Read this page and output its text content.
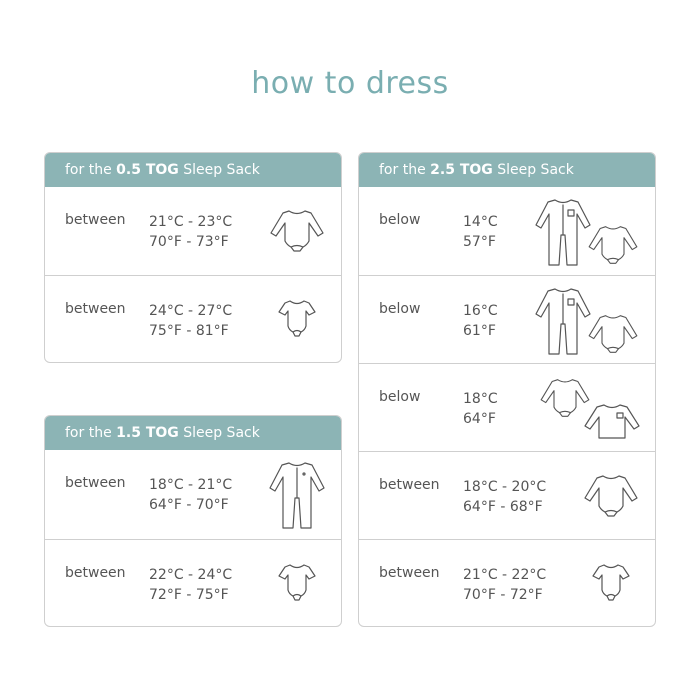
how to dress
for the 0.5 TOG Sleep Sack
between 21°C - 23°C
70°F - 73°F
between 24°C - 27°C
75°F - 81°F
for the 1.5 TOG Sleep Sack
between 18°C - 21°C
64°F - 70°F
between 22°C - 24°C
72°F - 75°F
for the 2.5 TOG Sleep Sack
below	14°C
57°F
below	16°C
61°F
below	18°C
64°F
between 18°C - 20°C
64°F - 68°F
between 21°C - 22°C
70°F - 72°F
